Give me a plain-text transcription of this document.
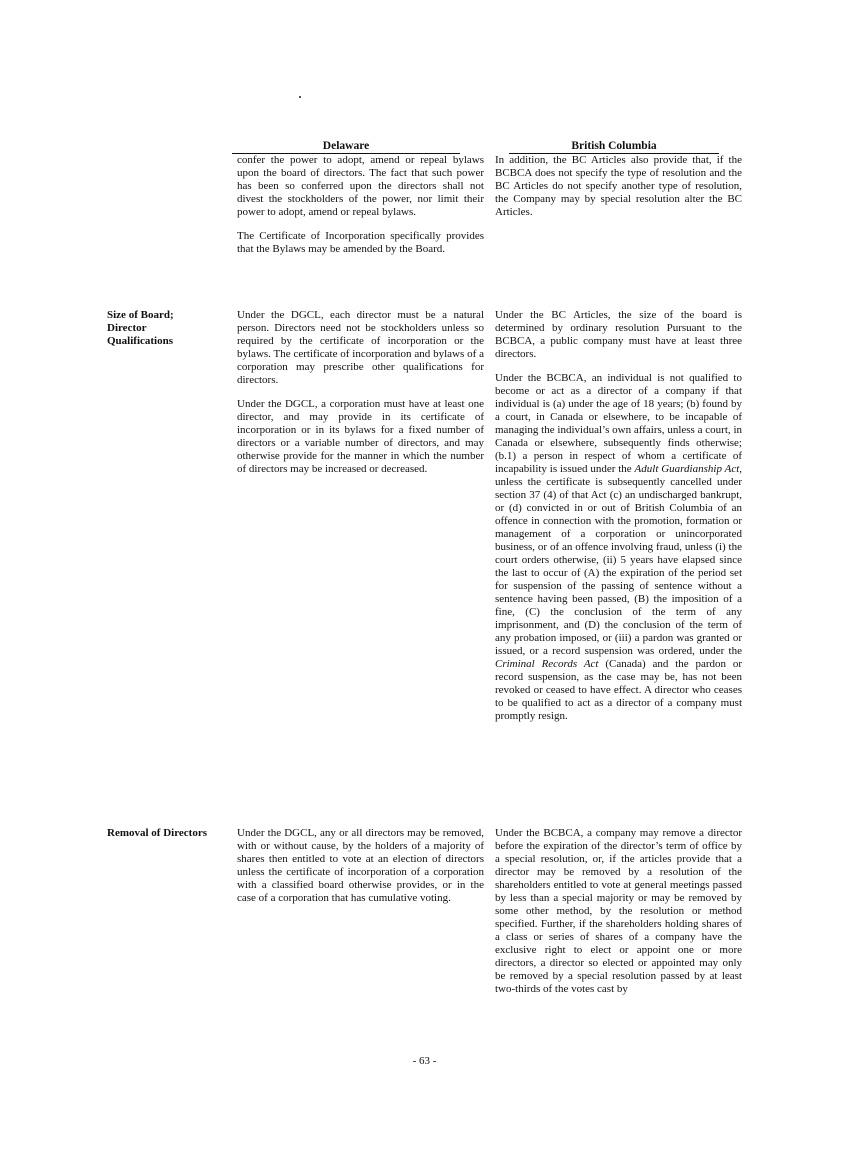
Delaware	British Columbia

confer the power to adopt, amend or repeal bylaws upon the board of directors. The fact that such power has been so conferred upon the directors shall not divest the stockholders of the power, nor limit their power to adopt, amend or repeal bylaws.

The Certificate of Incorporation specifically provides that the Bylaws may be amended by the Board.

In addition, the BC Articles also provide that, if the BCBCA does not specify the type of resolution and the BC Articles do not specify another type of resolution, the Company may by special resolution alter the BC Articles.

Size of Board;
Director
Qualifications

Under the DGCL, each director must be a natural person. Directors need not be stockholders unless so required by the certificate of incorporation or the bylaws. The certificate of incorporation and bylaws of a corporation may prescribe other qualifications for directors.

Under the DGCL, a corporation must have at least one director, and may provide in its certificate of incorporation or in its bylaws for a fixed number of directors or a variable number of directors, and may otherwise provide for the manner in which the number of directors may be increased or decreased.

Under the BC Articles, the size of the board is determined by ordinary resolution Pursuant to the BCBCA, a public company must have at least three directors.

Under the BCBCA, an individual is not qualified to become or act as a director of a company if that individual is (a) under the age of 18 years; (b) found by a court, in Canada or elsewhere, to be incapable of managing the individual’s own affairs, unless a court, in Canada or elsewhere, subsequently finds otherwise; (b.1) a person in respect of whom a certificate of incapability is issued under the Adult Guardianship Act, unless the certificate is subsequently cancelled under section 37 (4) of that Act (c) an undischarged bankrupt, or (d) convicted in or out of British Columbia of an offence in connection with the promotion, formation or management of a corporation or unincorporated business, or of an offence involving fraud, unless (i) the court orders otherwise, (ii) 5 years have elapsed since the last to occur of (A) the expiration of the period set for suspension of the passing of sentence without a sentence having been passed, (B) the imposition of a fine, (C) the conclusion of the term of any imprisonment, and (D) the conclusion of the term of any probation imposed, or (iii) a pardon was granted or issued, or a record suspension was ordered, under the Criminal Records Act (Canada) and the pardon or record suspension, as the case may be, has not been revoked or ceased to have effect. A director who ceases to be qualified to act as a director of a company must promptly resign.

Removal of Directors	Under the DGCL, any or all directors may be removed, with or without cause, by the holders of a majority of shares then entitled to vote at an election of directors unless the certificate of incorporation of a corporation with a classified board otherwise provides, or in the case of a corporation that has cumulative voting.

Under the BCBCA, a company may remove a director before the expiration of the director’s term of office by a special resolution, or, if the articles provide that a director may be removed by a resolution of the shareholders entitled to vote at general meetings passed by less than a special majority or may be removed by some other method, by the resolution or method specified. Further, if the shareholders holding shares of a class or series of shares of a company have the exclusive right to elect or appoint one or more directors, a director so elected or appointed may only be removed by a special resolution passed by at least two-thirds of the votes cast by

- 63 -
